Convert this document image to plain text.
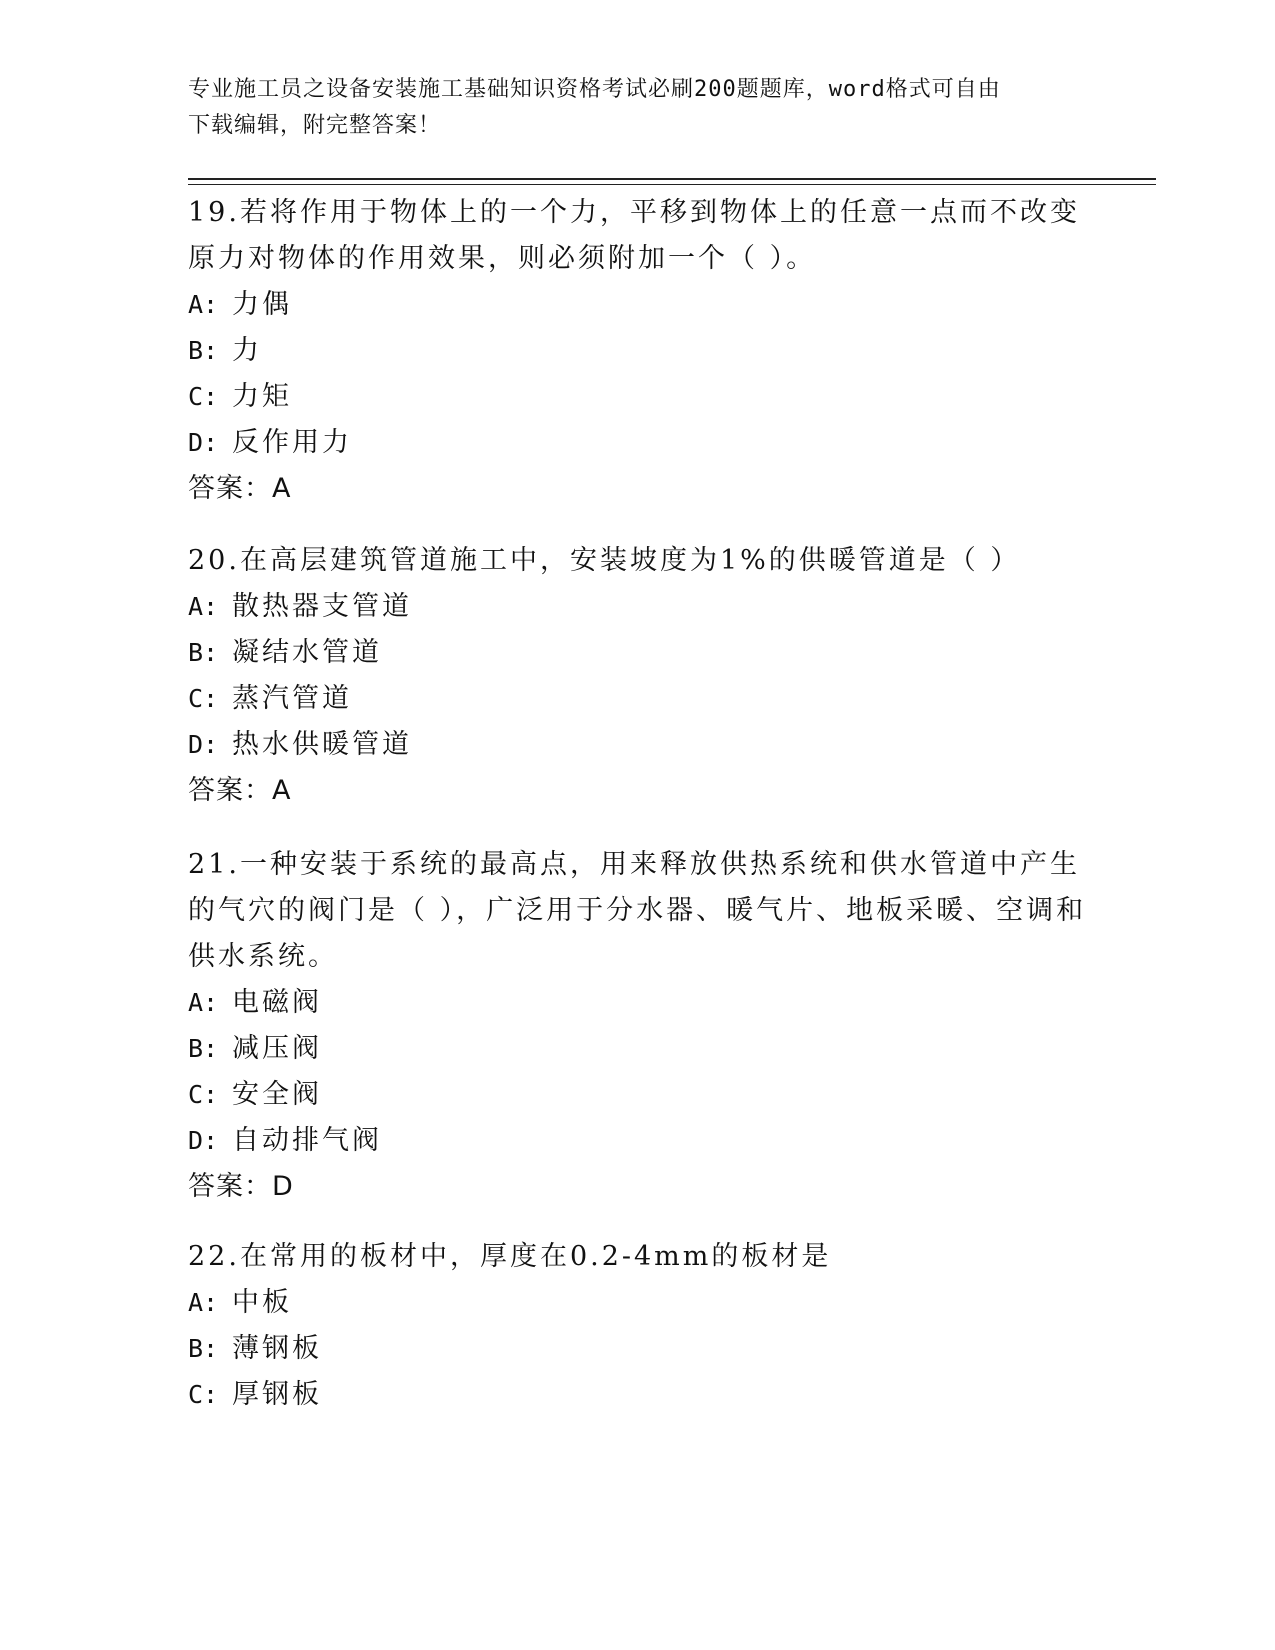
专业施工员之设备安装施工基础知识资格考试必刷200题题库，word格式可自由
下载编辑，附完整答案！

19.若将作用于物体上的一个力，平移到物体上的任意一点而不改变原力对物体的作用效果，则必须附加一个（ ）。

A: 力偶

B: 力

C: 力矩

D: 反作用力

答案：A

20.在高层建筑管道施工中，安装坡度为1%的供暖管道是（ ）

A: 散热器支管道

B: 凝结水管道

C: 蒸汽管道

D: 热水供暖管道

答案：A

21.一种安装于系统的最高点，用来释放供热系统和供水管道中产生的气穴的阀门是（ ），广泛用于分水器、暖气片、地板采暖、空调和供水系统。

A: 电磁阀

B: 减压阀

C: 安全阀

D: 自动排气阀

答案：D

22.在常用的板材中，厚度在0.2-4mm的板材是

A: 中板

B: 薄钢板

C: 厚钢板
